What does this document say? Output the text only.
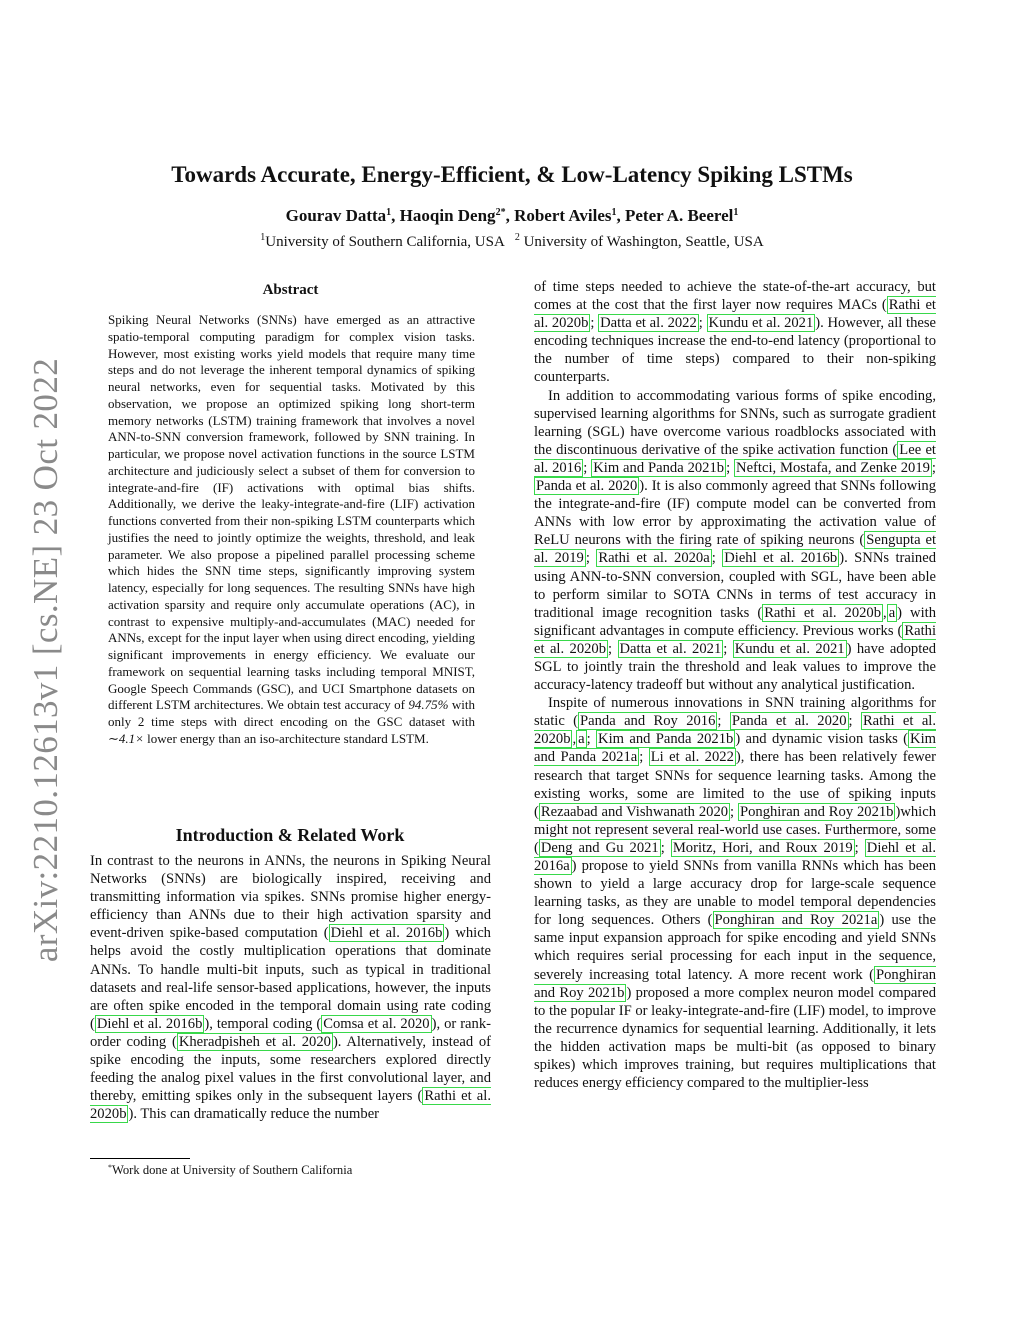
arXiv:2210.12613v1 [cs.NE] 23 Oct 2022
Towards Accurate, Energy-Efficient, & Low-Latency Spiking LSTMs
Gourav Datta$^1$, Haoqin Deng$^{2*}$, Robert Aviles$^1$, Peter A. Beerel$^1$
$^1$University of Southern California, USA $^2$ University of Washington, Seattle, USA
Abstract

Spiking Neural Networks (SNNs) have emerged as an attractive spatio-temporal computing paradigm for complex vision tasks. However, most existing works yield models that require many time steps and do not leverage the inherent temporal dynamics of spiking neural networks, even for sequential tasks. Motivated by this observation, we propose an optimized spiking long short-term memory networks (LSTM) training framework that involves a novel ANN-to-SNN conversion framework, followed by SNN training. In particular, we propose novel activation functions in the source LSTM architecture and judiciously select a subset of them for conversion to integrate-and-fire (IF) activations with optimal bias shifts. Additionally, we derive the leaky-integrate-and-fire (LIF) activation functions converted from their non-spiking LSTM counterparts which justifies the need to jointly optimize the weights, threshold, and leak parameter. We also propose a pipelined parallel processing scheme which hides the SNN time steps, significantly improving system latency, especially for long sequences. The resulting SNNs have high activation sparsity and require only accumulate operations (AC), in contrast to expensive multiply-and-accumulates (MAC) needed for ANNs, except for the input layer when using direct encoding, yielding significant improvements in energy efficiency. We evaluate our framework on sequential learning tasks including temporal MNIST, Google Speech Commands (GSC), and UCI Smartphone datasets on different LSTM architectures. We obtain test accuracy of 94.75% with only 2 time steps with direct encoding on the GSC dataset with ∼4.1× lower energy than an iso-architecture standard LSTM.

Introduction & Related Work

In contrast to the neurons in ANNs, the neurons in Spiking Neural Networks (SNNs) are biologically inspired, receiving and transmitting information via spikes. SNNs promise higher energy-efficiency than ANNs due to their high activation sparsity and event-driven spike-based computation ( Diehl et al. 2016b ) which helps avoid the costly multiplication operations that dominate ANNs. To handle multi-bit inputs, such as typical in traditional datasets and real-life sensor-based applications, however, the inputs are often spike encoded in the temporal domain using rate coding ( Diehl et al. 2016b ), temporal coding ( Comsa et al. 2020 ), or rank-order coding ( Kheradpisheh et al. 2020 ). Alternatively, instead of spike encoding the inputs, some researchers explored directly feeding the analog pixel values in the first convolutional layer, and thereby, emitting spikes only in the subsequent layers ( Rathi et al. 2020b ). This can dramatically reduce the number

*Work done at University of Southern California

of time steps needed to achieve the state-of-the-art accuracy, but comes at the cost that the first layer now requires MACs ( Rathi et al. 2020b ; Datta et al. 2022 ; Kundu et al. 2021 ). However, all these encoding techniques increase the end-to-end latency (proportional to the number of time steps) compared to their non-spiking counterparts.

In addition to accommodating various forms of spike encoding, supervised learning algorithms for SNNs, such as surrogate gradient learning (SGL) have overcome various roadblocks associated with the discontinuous derivative of the spike activation function ( Lee et al. 2016 ; Kim and Panda 2021b ; Neftci, Mostafa, and Zenke 2019 ; Panda et al. 2020 ). It is also commonly agreed that SNNs following the integrate-and-fire (IF) compute model can be converted from ANNs with low error by approximating the activation value of ReLU neurons with the firing rate of spiking neurons ( Sengupta et al. 2019 ; Rathi et al. 2020a ; Diehl et al. 2016b ). SNNs trained using ANN-to-SNN conversion, coupled with SGL, have been able to perform similar to SOTA CNNs in terms of test accuracy in traditional image recognition tasks ( Rathi et al. 2020b , a ) with significant advantages in compute efficiency. Previous works ( Rathi et al. 2020b ; Datta et al. 2021 ; Kundu et al. 2021 ) have adopted SGL to jointly train the threshold and leak values to improve the accuracy-latency tradeoff but without any analytical justification.

Inspite of numerous innovations in SNN training algorithms for static ( Panda and Roy 2016 ; Panda et al. 2020 ; Rathi et al. 2020b , a ; Kim and Panda 2021b ) and dynamic vision tasks ( Kim and Panda 2021a ; Li et al. 2022 ), there has been relatively fewer research that target SNNs for sequence learning tasks. Among the existing works, some are limited to the use of spiking inputs ( Rezaabad and Vishwanath 2020 ; Ponghiran and Roy 2021b )which might not represent several real-world use cases. Furthermore, some ( Deng and Gu 2021 ; Moritz, Hori, and Roux 2019 ; Diehl et al. 2016a ) propose to yield SNNs from vanilla RNNs which has been shown to yield a large accuracy drop for large-scale sequence learning tasks, as they are unable to model temporal dependencies for long sequences. Others ( Ponghiran and Roy 2021a ) use the same input expansion approach for spike encoding and yield SNNs which requires serial processing for each input in the sequence, severely increasing total latency. A more recent work ( Ponghiran and Roy 2021b ) proposed a more complex neuron model compared to the popular IF or leaky-integrate-and-fire (LIF) model, to improve the recurrence dynamics for sequential learning. Additionally, it lets the hidden activation maps be multi-bit (as opposed to binary spikes) which improves training, but requires multiplications that reduces energy efficiency compared to the multiplier-less
